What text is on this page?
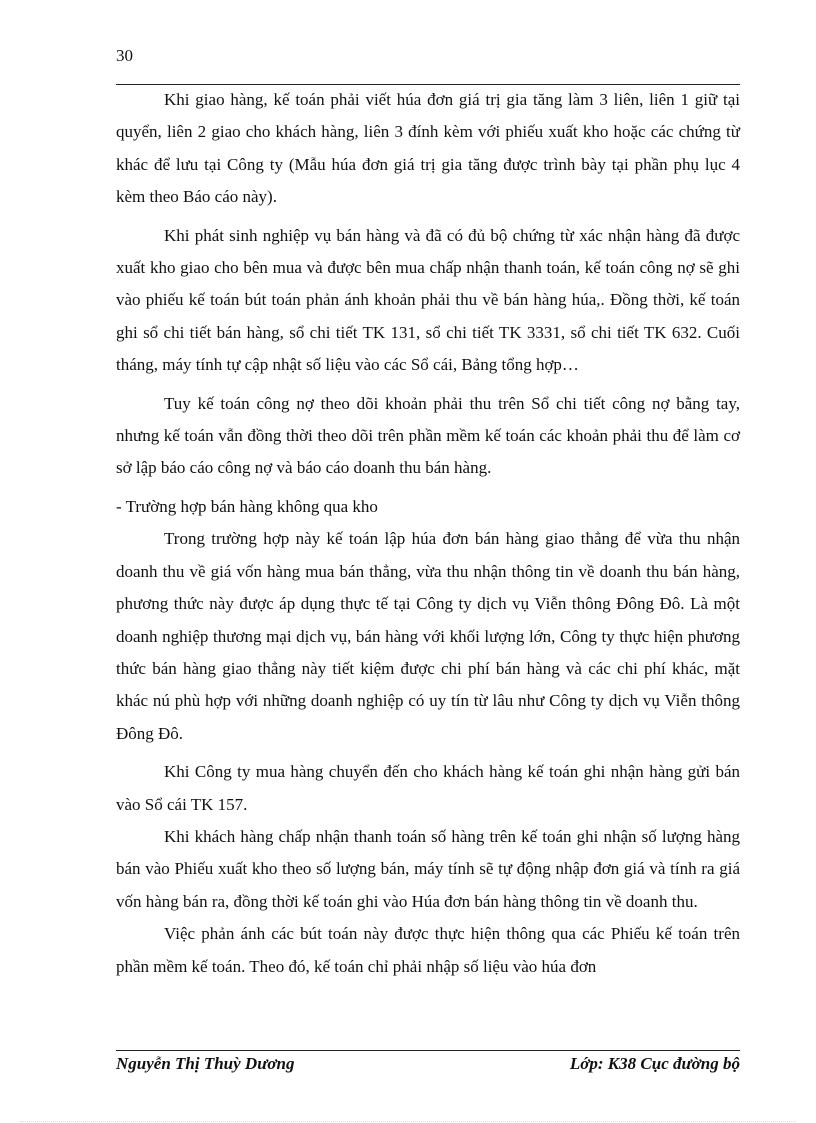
30

Khi giao hàng, kế toán phải viết húa đơn giá trị gia tăng làm 3 liên, liên 1 giữ tại quyển, liên 2 giao cho khách hàng, liên 3 đính kèm với phiếu xuất kho hoặc các chứng từ khác để lưu tại Công ty (Mẫu húa đơn giá trị gia tăng được trình bày tại phần phụ lục 4 kèm theo Báo cáo này).

Khi phát sinh nghiệp vụ bán hàng và đã có đủ bộ chứng từ xác nhận hàng đã được xuất kho giao cho bên mua và được bên mua chấp nhận thanh toán, kế toán công nợ sẽ ghi vào phiếu kế toán bút toán phản ánh khoản phải thu về bán hàng húa,. Đồng thời, kế toán ghi sổ chi tiết bán hàng, sổ chi tiết TK 131, sổ chi tiết TK 3331, sổ chi tiết TK 632. Cuối tháng, máy tính tự cập nhật số liệu vào các Sổ cái, Bảng tổng hợp…

Tuy kế toán công nợ theo dõi khoản phải thu trên Sổ chi tiết công nợ bằng tay, nhưng kế toán vẫn đồng thời theo dõi trên phần mềm kế toán các khoản phải thu để làm cơ sở lập báo cáo công nợ và báo cáo doanh thu bán hàng.

- Trường hợp bán hàng không qua kho

Trong trường hợp này kế toán lập húa đơn bán hàng giao thẳng để vừa thu nhận doanh thu về giá vốn hàng mua bán thẳng, vừa thu nhận thông tin về doanh thu bán hàng, phương thức này được áp dụng thực tế tại Công ty dịch vụ Viễn thông Đông Đô. Là một doanh nghiệp thương mại dịch vụ, bán hàng với khối lượng lớn, Công ty thực hiện phương thức bán hàng giao thẳng này tiết kiệm được chi phí bán hàng và các chi phí khác, mặt khác nú phù hợp với những doanh nghiệp có uy tín từ lâu như Công ty dịch vụ Viễn thông Đông Đô.

Khi Công ty mua hàng chuyển đến cho khách hàng kế toán ghi nhận hàng gửi bán vào Sổ cái TK 157.

Khi khách hàng chấp nhận thanh toán số hàng trên kế toán ghi nhận số lượng hàng bán vào Phiếu xuất kho theo số lượng bán, máy tính sẽ tự động nhập đơn giá và tính ra giá vốn hàng bán ra, đồng thời kế toán ghi vào Húa đơn bán hàng thông tin về doanh thu.

Việc phản ánh các bút toán này được thực hiện thông qua các Phiếu kế toán trên phần mềm kế toán. Theo đó, kế toán chỉ phải nhập số liệu vào húa đơn

Nguyễn Thị Thuỳ Dương	Lớp: K38 Cục đường bộ
